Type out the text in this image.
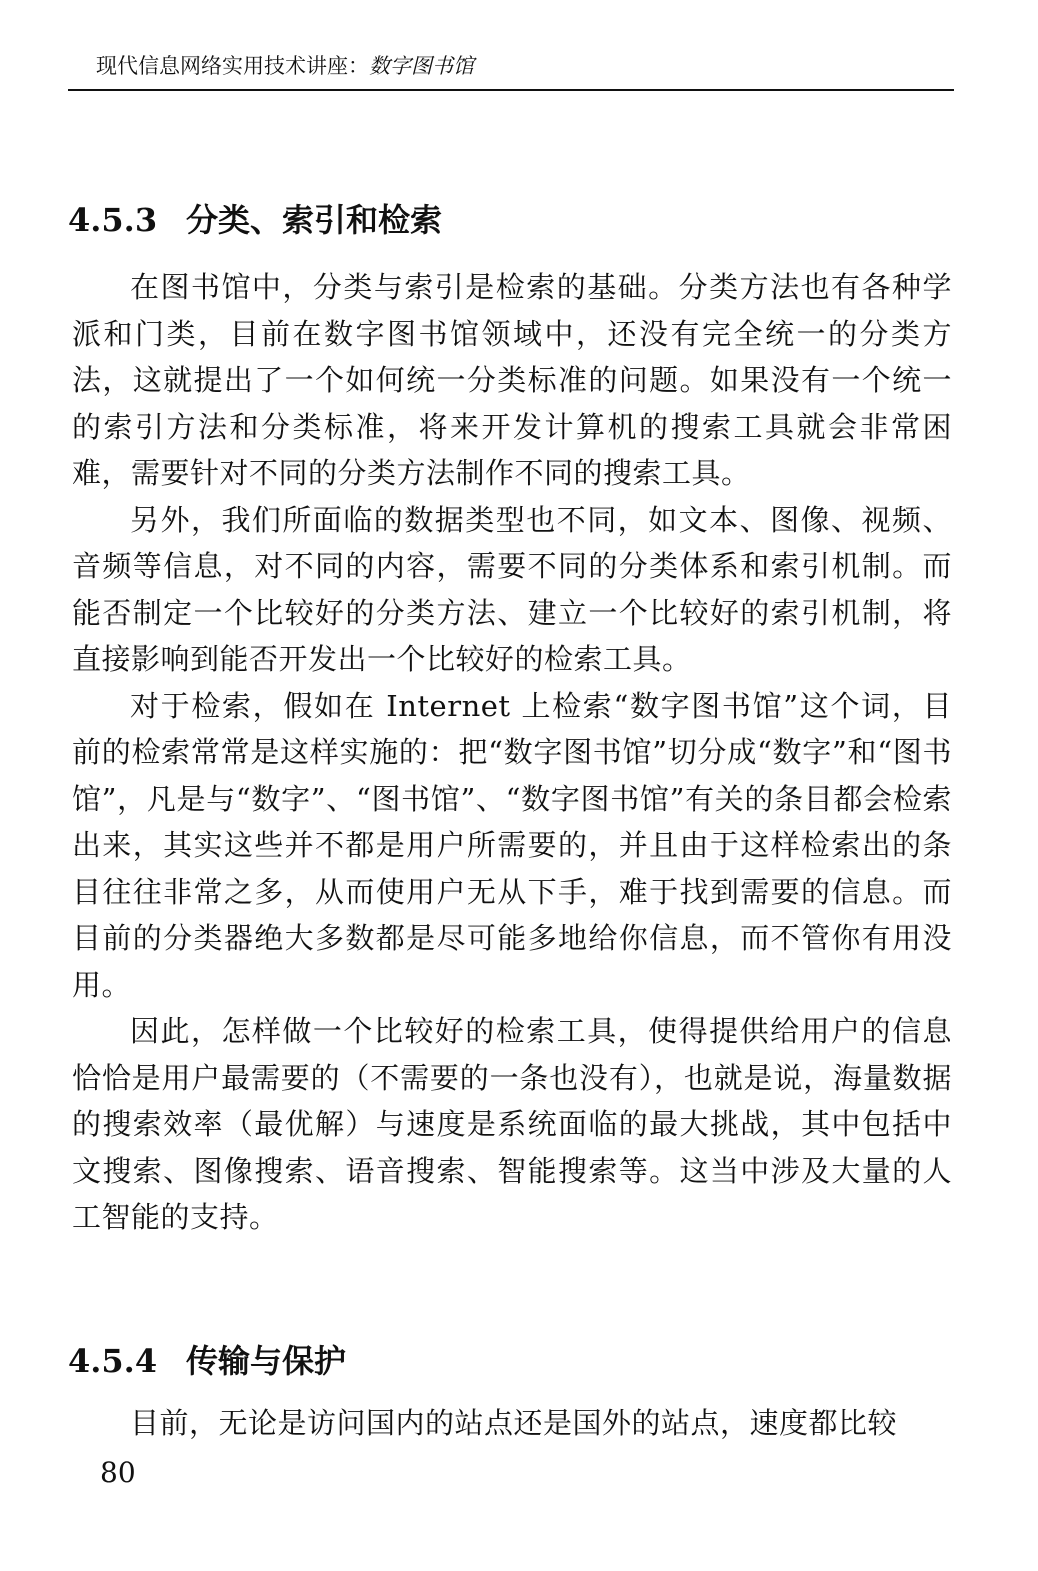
现代信息网络实用技术讲座：数字图书馆
4.5.3 分类、索引和检索

在图书馆中，分类与索引是检索的基础。分类方法也有各种学派和门类，目前在数字图书馆领域中，还没有完全统一的分类方法，这就提出了一个如何统一分类标准的问题。如果没有一个统一的索引方法和分类标准，将来开发计算机的搜索工具就会非常困难，需要针对不同的分类方法制作不同的搜索工具。

另外，我们所面临的数据类型也不同，如文本、图像、视频、音频等信息，对不同的内容，需要不同的分类体系和索引机制。而能否制定一个比较好的分类方法、建立一个比较好的索引机制，将直接影响到能否开发出一个比较好的检索工具。

对于检索，假如在 Internet 上检索“数字图书馆”这个词，目前的检索常常是这样实施的：把“数字图书馆”切分成“数字”和“图书馆”，凡是与“数字”、“图书馆”、“数字图书馆”有关的条目都会检索出来，其实这些并不都是用户所需要的，并且由于这样检索出的条目往往非常之多，从而使用户无从下手，难于找到需要的信息。而目前的分类器绝大多数都是尽可能多地给你信息，而不管你有用没用。

因此，怎样做一个比较好的检索工具，使得提供给用户的信息恰恰是用户最需要的（不需要的一条也没有），也就是说，海量数据的搜索效率（最优解）与速度是系统面临的最大挑战，其中包括中文搜索、图像搜索、语音搜索、智能搜索等。这当中涉及大量的人工智能的支持。

4.5.4 传输与保护

目前，无论是访问国内的站点还是国外的站点，速度都比较

80
